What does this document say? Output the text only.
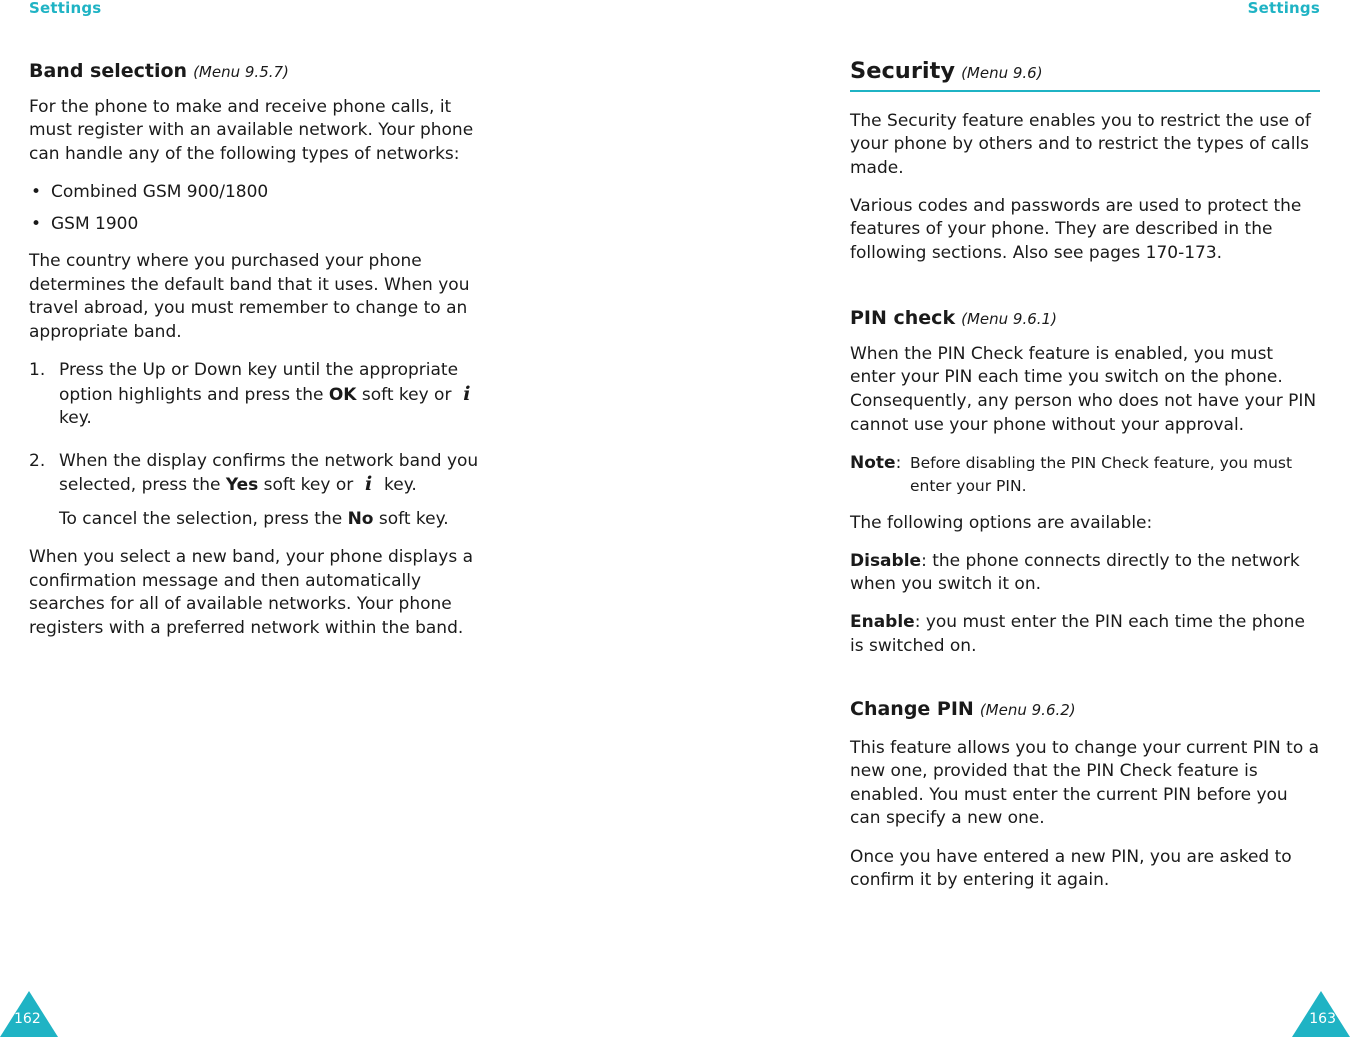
Settings
Band selection (Menu 9.5.7)

For the phone to make and receive phone calls, it must register with an available network. Your phone can handle any of the following types of networks:

• Combined GSM 900/1800
• GSM 1900

The country where you purchased your phone determines the default band that it uses. When you travel abroad, you must remember to change to an appropriate band.

1. Press the Up or Down key until the appropriate option highlights and press the OK soft key or i key.
2. When the display confirms the network band you selected, press the Yes soft key or i key.

To cancel the selection, press the No soft key.

When you select a new band, your phone displays a confirmation message and then automatically searches for all of available networks. Your phone registers with a preferred network within the band.

162
Settings
Security (Menu 9.6)

The Security feature enables you to restrict the use of your phone by others and to restrict the types of calls made.

Various codes and passwords are used to protect the features of your phone. They are described in the following sections. Also see pages 170-173.

PIN check (Menu 9.6.1)

When the PIN Check feature is enabled, you must enter your PIN each time you switch on the phone. Consequently, any person who does not have your PIN cannot use your phone without your approval.

Note: Before disabling the PIN Check feature, you must enter your PIN.

The following options are available:

Disable: the phone connects directly to the network when you switch it on.

Enable: you must enter the PIN each time the phone is switched on.

Change PIN (Menu 9.6.2)

This feature allows you to change your current PIN to a new one, provided that the PIN Check feature is enabled. You must enter the current PIN before you can specify a new one.

Once you have entered a new PIN, you are asked to confirm it by entering it again.

163
